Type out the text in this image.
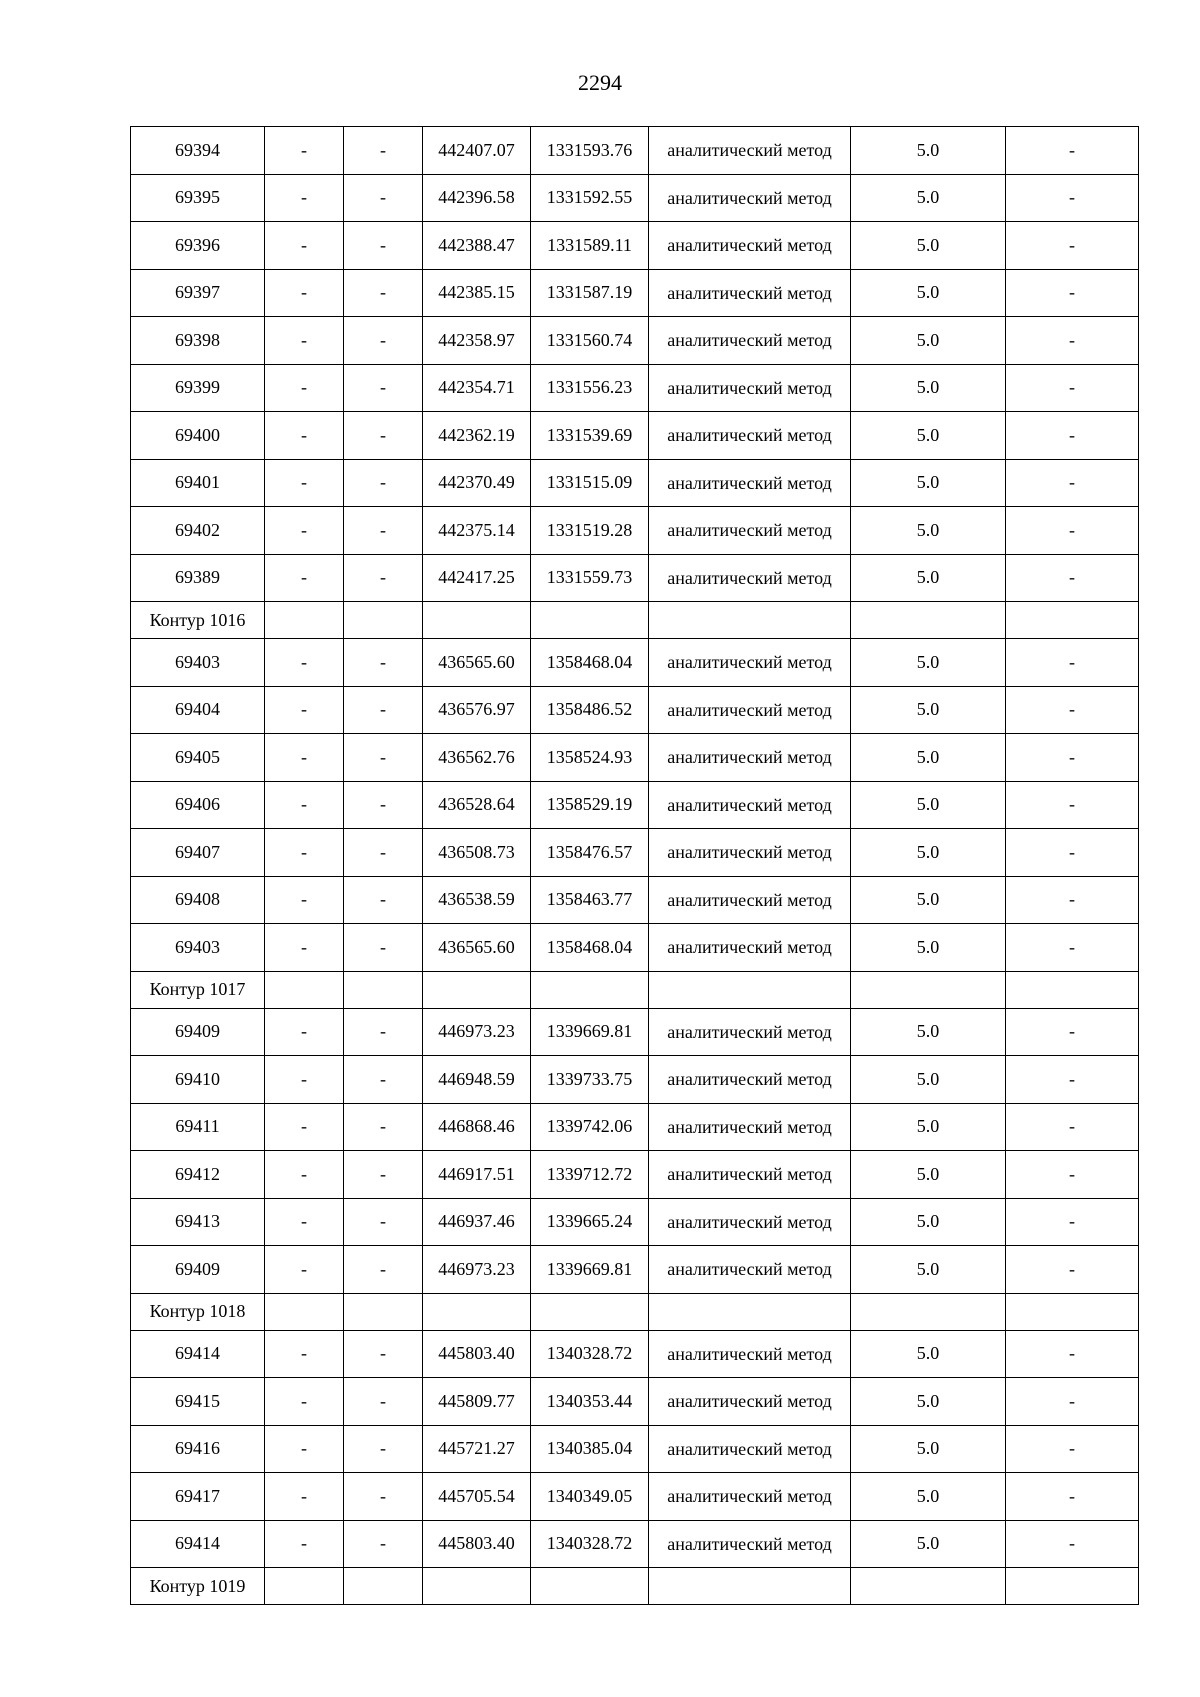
2294
69394	-	-	442407.07	1331593.76	аналитический метод	5.0	-
69395	-	-	442396.58	1331592.55	аналитический метод	5.0	-
69396	-	-	442388.47	1331589.11	аналитический метод	5.0	-
69397	-	-	442385.15	1331587.19	аналитический метод	5.0	-
69398	-	-	442358.97	1331560.74	аналитический метод	5.0	-
69399	-	-	442354.71	1331556.23	аналитический метод	5.0	-
69400	-	-	442362.19	1331539.69	аналитический метод	5.0	-
69401	-	-	442370.49	1331515.09	аналитический метод	5.0	-
69402	-	-	442375.14	1331519.28	аналитический метод	5.0	-
69389	-	-	442417.25	1331559.73	аналитический метод	5.0	-
Контур 1016							
69403	-	-	436565.60	1358468.04	аналитический метод	5.0	-
69404	-	-	436576.97	1358486.52	аналитический метод	5.0	-
69405	-	-	436562.76	1358524.93	аналитический метод	5.0	-
69406	-	-	436528.64	1358529.19	аналитический метод	5.0	-
69407	-	-	436508.73	1358476.57	аналитический метод	5.0	-
69408	-	-	436538.59	1358463.77	аналитический метод	5.0	-
69403	-	-	436565.60	1358468.04	аналитический метод	5.0	-
Контур 1017							
69409	-	-	446973.23	1339669.81	аналитический метод	5.0	-
69410	-	-	446948.59	1339733.75	аналитический метод	5.0	-
69411	-	-	446868.46	1339742.06	аналитический метод	5.0	-
69412	-	-	446917.51	1339712.72	аналитический метод	5.0	-
69413	-	-	446937.46	1339665.24	аналитический метод	5.0	-
69409	-	-	446973.23	1339669.81	аналитический метод	5.0	-
Контур 1018							
69414	-	-	445803.40	1340328.72	аналитический метод	5.0	-
69415	-	-	445809.77	1340353.44	аналитический метод	5.0	-
69416	-	-	445721.27	1340385.04	аналитический метод	5.0	-
69417	-	-	445705.54	1340349.05	аналитический метод	5.0	-
69414	-	-	445803.40	1340328.72	аналитический метод	5.0	-
Контур 1019							
